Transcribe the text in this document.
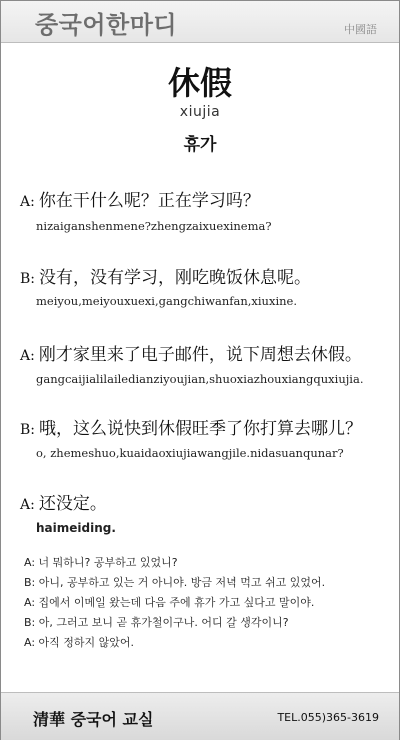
중국어한마디	中國語
休假
xiujia
휴가
A: 你在干什么呢？正在学习吗？
nizaiganshenmene?zhengzaixuexinema?
B: 没有，没有学习，刚吃晚饭休息呢。
meiyou,meiyouxuexi,gangchiwanfan,xiuxine.
A: 刚才家里来了电子邮件，说下周想去休假。
gangcaijialilailedianziyoujian,shuoxiazhouxiangquxiujia.
B: 哦，这么说快到休假旺季了你打算去哪儿？
o, zhemeshuo,kuaidaoxiujiawangjile.nidasuanqunar?
A: 还没定。
haimeiding.
A: 너 뭐하니? 공부하고 있었니?
B: 아니, 공부하고 있는 거 아니야. 방금 저녁 먹고 쉬고 있었어.
A: 집에서 이메일 왔는데 다음 주에 휴가 가고 싶다고 말이야.
B: 아, 그러고 보니 곧 휴가철이구나. 어디 갈 생각이니?
A: 아직 정하지 않았어.
清華 중국어 교실	TEL.055)365-3619
